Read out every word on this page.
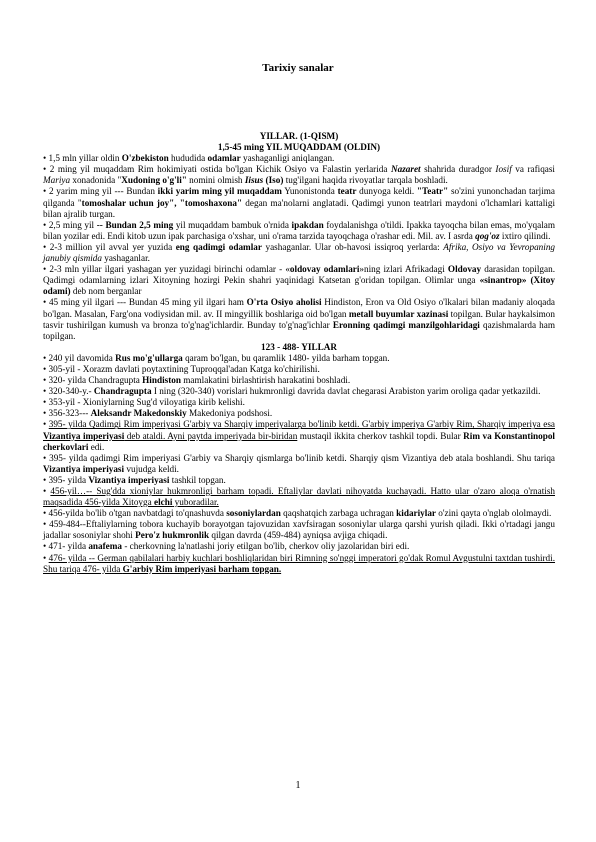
Tarixiy sanalar

YILLAR. (1-QISM)

1,5-45 ming YIL MUQADDAM (OLDIN)

• 1,5 mln yillar oldin O'zbekiston hududida odamlar yashaganligi aniqlangan.

• 2 ming yil muqaddam Rim hokimiyati ostida bo'lgan Kichik Osiyo va Falastin yerlarida Nazaret shahrida duradgor Iosif va rafiqasi Mariya xonadonida "Xudoning o'g'li" nomini olmish Iisus (Iso) tug'ilgani haqida rivoyatlar tarqala boshladi.

• 2 yarim ming yil --- Bundan ikki yarim ming yil muqaddam Yunonistonda teatr dunyoga keldi. "Teatr" so'zini yunonchadan tarjima qilganda "tomoshalar uchun joy", "tomoshaxona" degan ma'nolarni anglatadi. Qadimgi yunon teatrlari maydoni o'lchamlari kattaligi bilan ajralib turgan.

• 2,5 ming yil -- Bundan 2,5 ming yil muqaddam bambuk o'rnida ipakdan foydalanishga o'tildi. Ipakka tayoqcha bilan emas, mo'yqalam bilan yozilar edi. Endi kitob uzun ipak parchasiga o'xshar, uni o'rama tarzida tayoqchaga o'rashar edi. Mil. av. I asrda qog'oz ixtiro qilindi.

• 2-3 million yil avval yer yuzida eng qadimgi odamlar yashaganlar. Ular ob-havosi issiqroq yerlarda: Afrika, Osiyo va Yevropaning janubiy qismida yashaganlar.

• 2-3 mln yillar ilgari yashagan yer yuzidagi birinchi odamlar - «oldovay odamlari»ning izlari Afrikadagi Oldovay darasidan topilgan. Qadimgi odamlarning izlari Xitoyning hozirgi Pekin shahri yaqinidagi Katsetan g'oridan topilgan. Olimlar unga «sinantrop» (Xitoy odami) deb nom berganlar

• 45 ming yil ilgari --- Bundan 45 ming yil ilgari ham O'rta Osiyo aholisi Hindiston, Eron va Old Osiyo o'lkalari bilan madaniy aloqada bo'lgan. Masalan, Farg'ona vodiysidan mil. av. II mingyillik boshlariga oid bo'lgan metall buyumlar xazinasi topilgan. Bular haykalsimon tasvir tushirilgan kumush va bronza to'g'nag'ichlardir. Bunday to'g'nag'ichlar Eronning qadimgi manzilgohlaridagi qazishmalarda ham topilgan.

123 - 488- YILLAR

• 240 yil davomida Rus mo'g'ullarga qaram bo'lgan, bu qaramlik 1480- yilda barham topgan.

• 305-yil - Xorazm davlati poytaxtining Tuproqqal'adan Katga ko'chirilishi.

• 320- yilda Chandragupta Hindiston mamlakatini birlashtirish harakatini boshladi.

• 320-340-y.- Chandragupta I ning (320-340) vorislari hukmronligi davrida davlat chegarasi Arabiston yarim oroliga qadar yetkazildi.

• 353-yil - Xioniylarning Sug'd viloyatiga kirib kelishi.

• 356-323--- Aleksandr Makedonskiy Makedoniya podshosi.

• 395- yilda Qadimgi Rim imperiyasi G'arbiy va Sharqiy imperiyalarga bo'linib ketdi. G'arbiy imperiya G'arbiy Rim, Sharqiy imperiya esa Vizantiya imperiyasi deb ataldi. Ayni paytda imperiyada bir-biridan mustaqil ikkita cherkov tashkil topdi. Bular Rim va Konstantinopol cherkovlari edi.

• 395- yilda qadimgi Rim imperiyasi G'arbiy va Sharqiy qismlarga bo'linib ketdi. Sharqiy qism Vizantiya deb atala boshlandi. Shu tariqa Vizantiya imperiyasi vujudga keldi.

• 395- yilda Vizantiya imperiyasi tashkil topgan.

• 456-yil…-- Sug'dda xioniylar hukmronligi barham topadi. Eftaliylar davlati nihoyatda kuchayadi. Hatto ular o'zaro aloqa o'rnatish maqsadida 456-yilda Xitoyga elchi yuboradilar.

• 456-yilda bo'lib o'tgan navbatdagi to'qnashuvda sosoniylardan qaqshatqich zarbaga uchragan kidariylar o'zini qayta o'nglab ololmaydi.

• 459-484--Eftaliylarning tobora kuchayib borayotgan tajovuzidan xavfsiragan sosoniylar ularga qarshi yurish qiladi. Ikki o'rtadagi jangu jadallar sosoniylar shohi Pero'z hukmronlik qilgan davrda (459-484) ayniqsa avjiga chiqadi.

• 471- yilda anafema - cherkovning la'natlashi joriy etilgan bo'lib, cherkov oliy jazolaridan biri edi.

• 476- yilda -- German qabilalari harbiy kuchlari boshliqlaridan biri Rimning so'nggi imperatori go'dak Romul Avgustulni taxtdan tushirdi. Shu tariqa 476- yilda G'arbiy Rim imperiyasi barham topgan.

1
